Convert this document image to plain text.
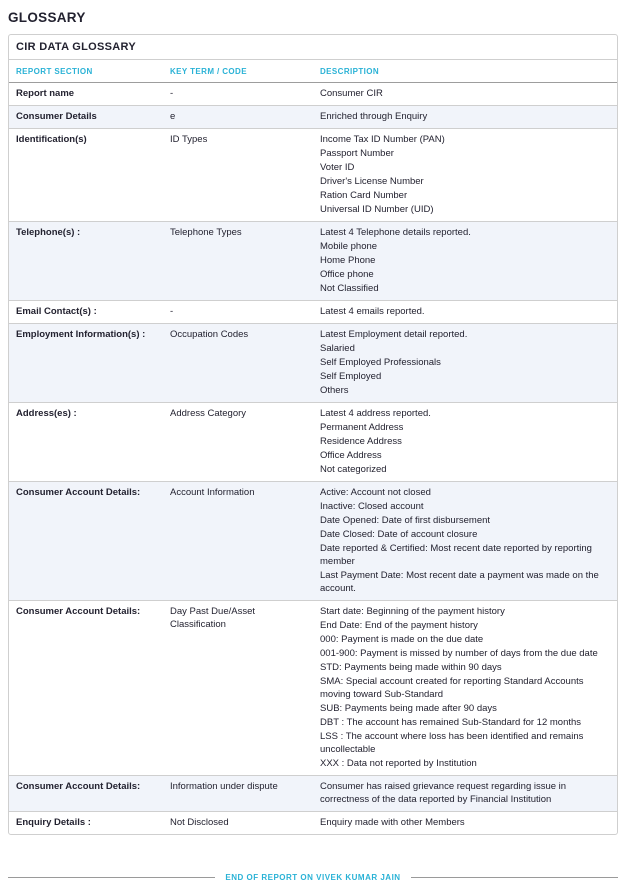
GLOSSARY
CIR DATA GLOSSARY
REPORT SECTION	KEY TERM / CODE	DESCRIPTION
Report name	-	Consumer CIR
Consumer Details	e	Enriched through Enquiry
Identification(s)	ID Types	Income Tax ID Number (PAN)
Passport Number
Voter ID
Driver's License Number
Ration Card Number
Universal ID Number (UID)
Telephone(s) :	Telephone Types	Latest 4 Telephone details reported.
Mobile phone
Home Phone
Office phone
Not Classified
Email Contact(s) :	-	Latest 4 emails reported.
Employment Information(s) :	Occupation Codes	Latest Employment detail reported.
Salaried
Self Employed Professionals
Self Employed
Others
Address(es) :	Address Category	Latest 4 address reported.
Permanent Address
Residence Address
Office Address
Not categorized
Consumer Account Details:	Account Information	Active: Account not closed
Inactive: Closed account
Date Opened: Date of first disbursement
Date Closed: Date of account closure
Date reported & Certified: Most recent date reported by reporting member
Last Payment Date: Most recent date a payment was made on the account.
Consumer Account Details:	Day Past Due/Asset Classification
Start date: Beginning of the payment history
End Date: End of the payment history
000: Payment is made on the due date
001-900: Payment is missed by number of days from the due date
STD: Payments being made within 90 days
SMA: Special account created for reporting Standard Accounts moving toward Sub-Standard
SUB: Payments being made after 90 days
DBT : The account has remained Sub-Standard for 12 months
LSS : The account where loss has been identified and remains uncollectable
XXX : Data not reported by Institution
Consumer Account Details:	Information under dispute	Consumer has raised grievance request regarding issue in correctness of the data reported by Financial Institution
Enquiry Details :	Not Disclosed	Enquiry made with other Members
END OF REPORT ON VIVEK KUMAR JAIN
